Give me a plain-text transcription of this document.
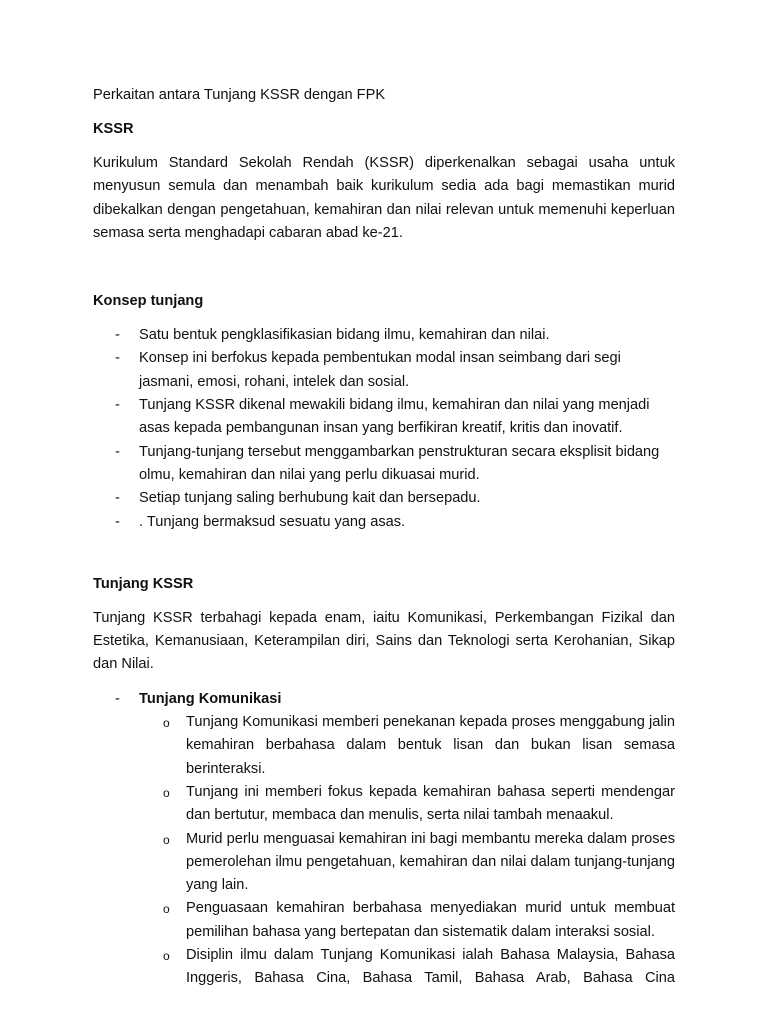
Perkaitan antara Tunjang KSSR dengan FPK

KSSR

Kurikulum Standard Sekolah Rendah (KSSR) diperkenalkan sebagai usaha untuk menyusun semula dan menambah baik kurikulum sedia ada bagi memastikan murid dibekalkan dengan pengetahuan, kemahiran dan nilai relevan untuk memenuhi keperluan semasa serta menghadapi cabaran abad ke-21.

Konsep tunjang

- Satu bentuk pengklasifikasian bidang ilmu, kemahiran dan nilai.
- Konsep ini berfokus kepada pembentukan modal insan seimbang dari segi jasmani, emosi, rohani, intelek dan sosial.
- Tunjang KSSR dikenal mewakili bidang ilmu, kemahiran dan nilai yang menjadi asas kepada pembangunan insan yang berfikiran kreatif, kritis dan inovatif.
- Tunjang-tunjang tersebut menggambarkan penstrukturan secara eksplisit bidang olmu, kemahiran dan nilai yang perlu dikuasai murid.
- Setiap tunjang saling berhubung kait dan bersepadu.
- . Tunjang bermaksud sesuatu yang asas.

Tunjang KSSR

Tunjang KSSR terbahagi kepada enam, iaitu Komunikasi, Perkembangan Fizikal dan Estetika, Kemanusiaan, Keterampilan diri, Sains dan Teknologi serta Kerohanian, Sikap dan Nilai.

- Tunjang Komunikasi
o Tunjang Komunikasi memberi penekanan kepada proses menggabung jalin kemahiran berbahasa dalam bentuk lisan dan bukan lisan semasa berinteraksi.
o Tunjang ini memberi fokus kepada kemahiran bahasa seperti mendengar dan bertutur, membaca dan menulis, serta nilai tambah menaakul.
o Murid perlu menguasai kemahiran ini bagi membantu mereka dalam proses pemerolehan ilmu pengetahuan, kemahiran dan nilai dalam tunjang-tunjang yang lain.
o Penguasaan kemahiran berbahasa menyediakan murid untuk membuat pemilihan bahasa yang bertepatan dan sistematik dalam interaksi sosial.
o Disiplin ilmu dalam Tunjang Komunikasi ialah Bahasa Malaysia, Bahasa Inggeris, Bahasa Cina, Bahasa Tamil, Bahasa Arab, Bahasa Cina
